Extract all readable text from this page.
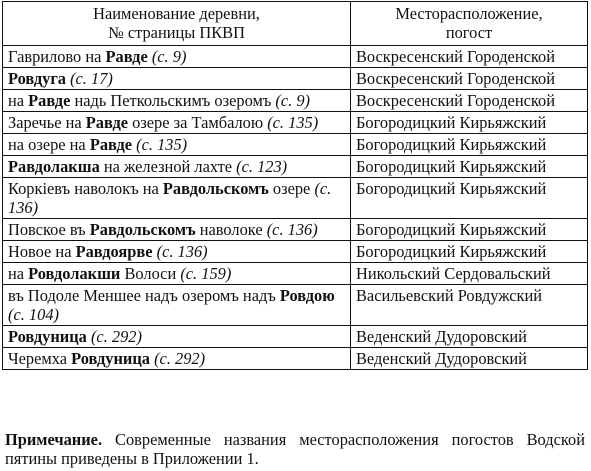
Наименование деревни,
№ страницы ПКВП	Месторасположение,
погост

Гаврилово на Равде (с. 9)	Воскресенский Городенской
Ровдуга (с. 17)	Воскресенский Городенской
на Равде надь Петкольскимъ озеромъ (с. 9)	Воскресенский Городенской
Заречье на Равде озере за Тамбалою (с. 135)	Богородицкий Кирьяжский
на озере на Равде (с. 135)	Богородицкий Кирьяжский
Равдолакша на железной лахте (с. 123)	Богородицкий Кирьяжский
Коркiевъ наволокъ на Равдольскомъ озере (с. 136)	Богородицкий Кирьяжский
Повское въ Равдольскомъ наволоке (с. 136)	Богородицкий Кирьяжский
Новое на Равдоярве (с. 136)	Богородицкий Кирьяжский
на Ровдолакши Волоси (с. 159)	Никольский Сердовальский
въ Подоле Меншее надъ озеромъ надъ Ровдою (с. 104)	Васильевский Ровдужский
Ровдуница (с. 292)	Веденский Дудоровский
Черемха Ровдуница (с. 292)	Веденский Дудоровский
Примечание. Современные названия месторасположения погостов Водской пятины приведены в Приложении 1.
